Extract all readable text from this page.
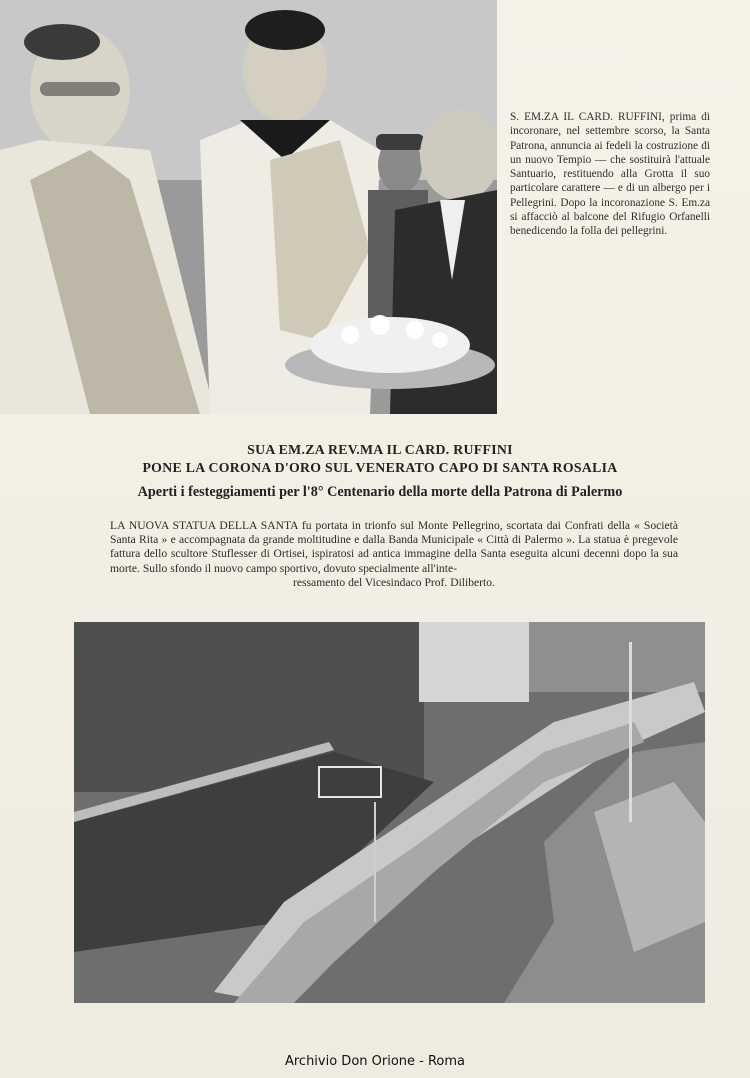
S. EM.ZA IL CARD. RUFFINI, prima di incoronare, nel settembre scorso, la Santa Patrona, annuncia ai fedeli la costruzione di un nuovo Tempio — che sostituirà l'attuale Santuario, restituendo alla Grotta il suo particolare carattere — e di un albergo per i Pellegrini. Dopo la incoronazione S. Em.za si affacciò al balcone del Rifugio Orfanelli benedicendo la folla dei pellegrini.
SUA EM.ZA REV.MA IL CARD. RUFFINI
PONE LA CORONA D'ORO SUL VENERATO CAPO DI SANTA ROSALIA
Aperti i festeggiamenti per l'8° Centenario della morte della Patrona di Palermo
LA NUOVA STATUA DELLA SANTA fu portata in trionfo sul Monte Pellegrino, scortata dai Confrati della « Società Santa Rita » e accompagnata da grande moltitudine e dalla Banda Municipale « Città di Palermo ». La statua è pregevole fattura dello scultore Stuflesser di Ortisei, ispiratosi ad antica immagine della Santa eseguita alcuni decenni dopo la sua morte. Sullo sfondo il nuovo campo sportivo, dovuto specialmente all'inte-
ressamento del Vicesindaco Prof. Diliberto.
Archivio Don Orione - Roma
